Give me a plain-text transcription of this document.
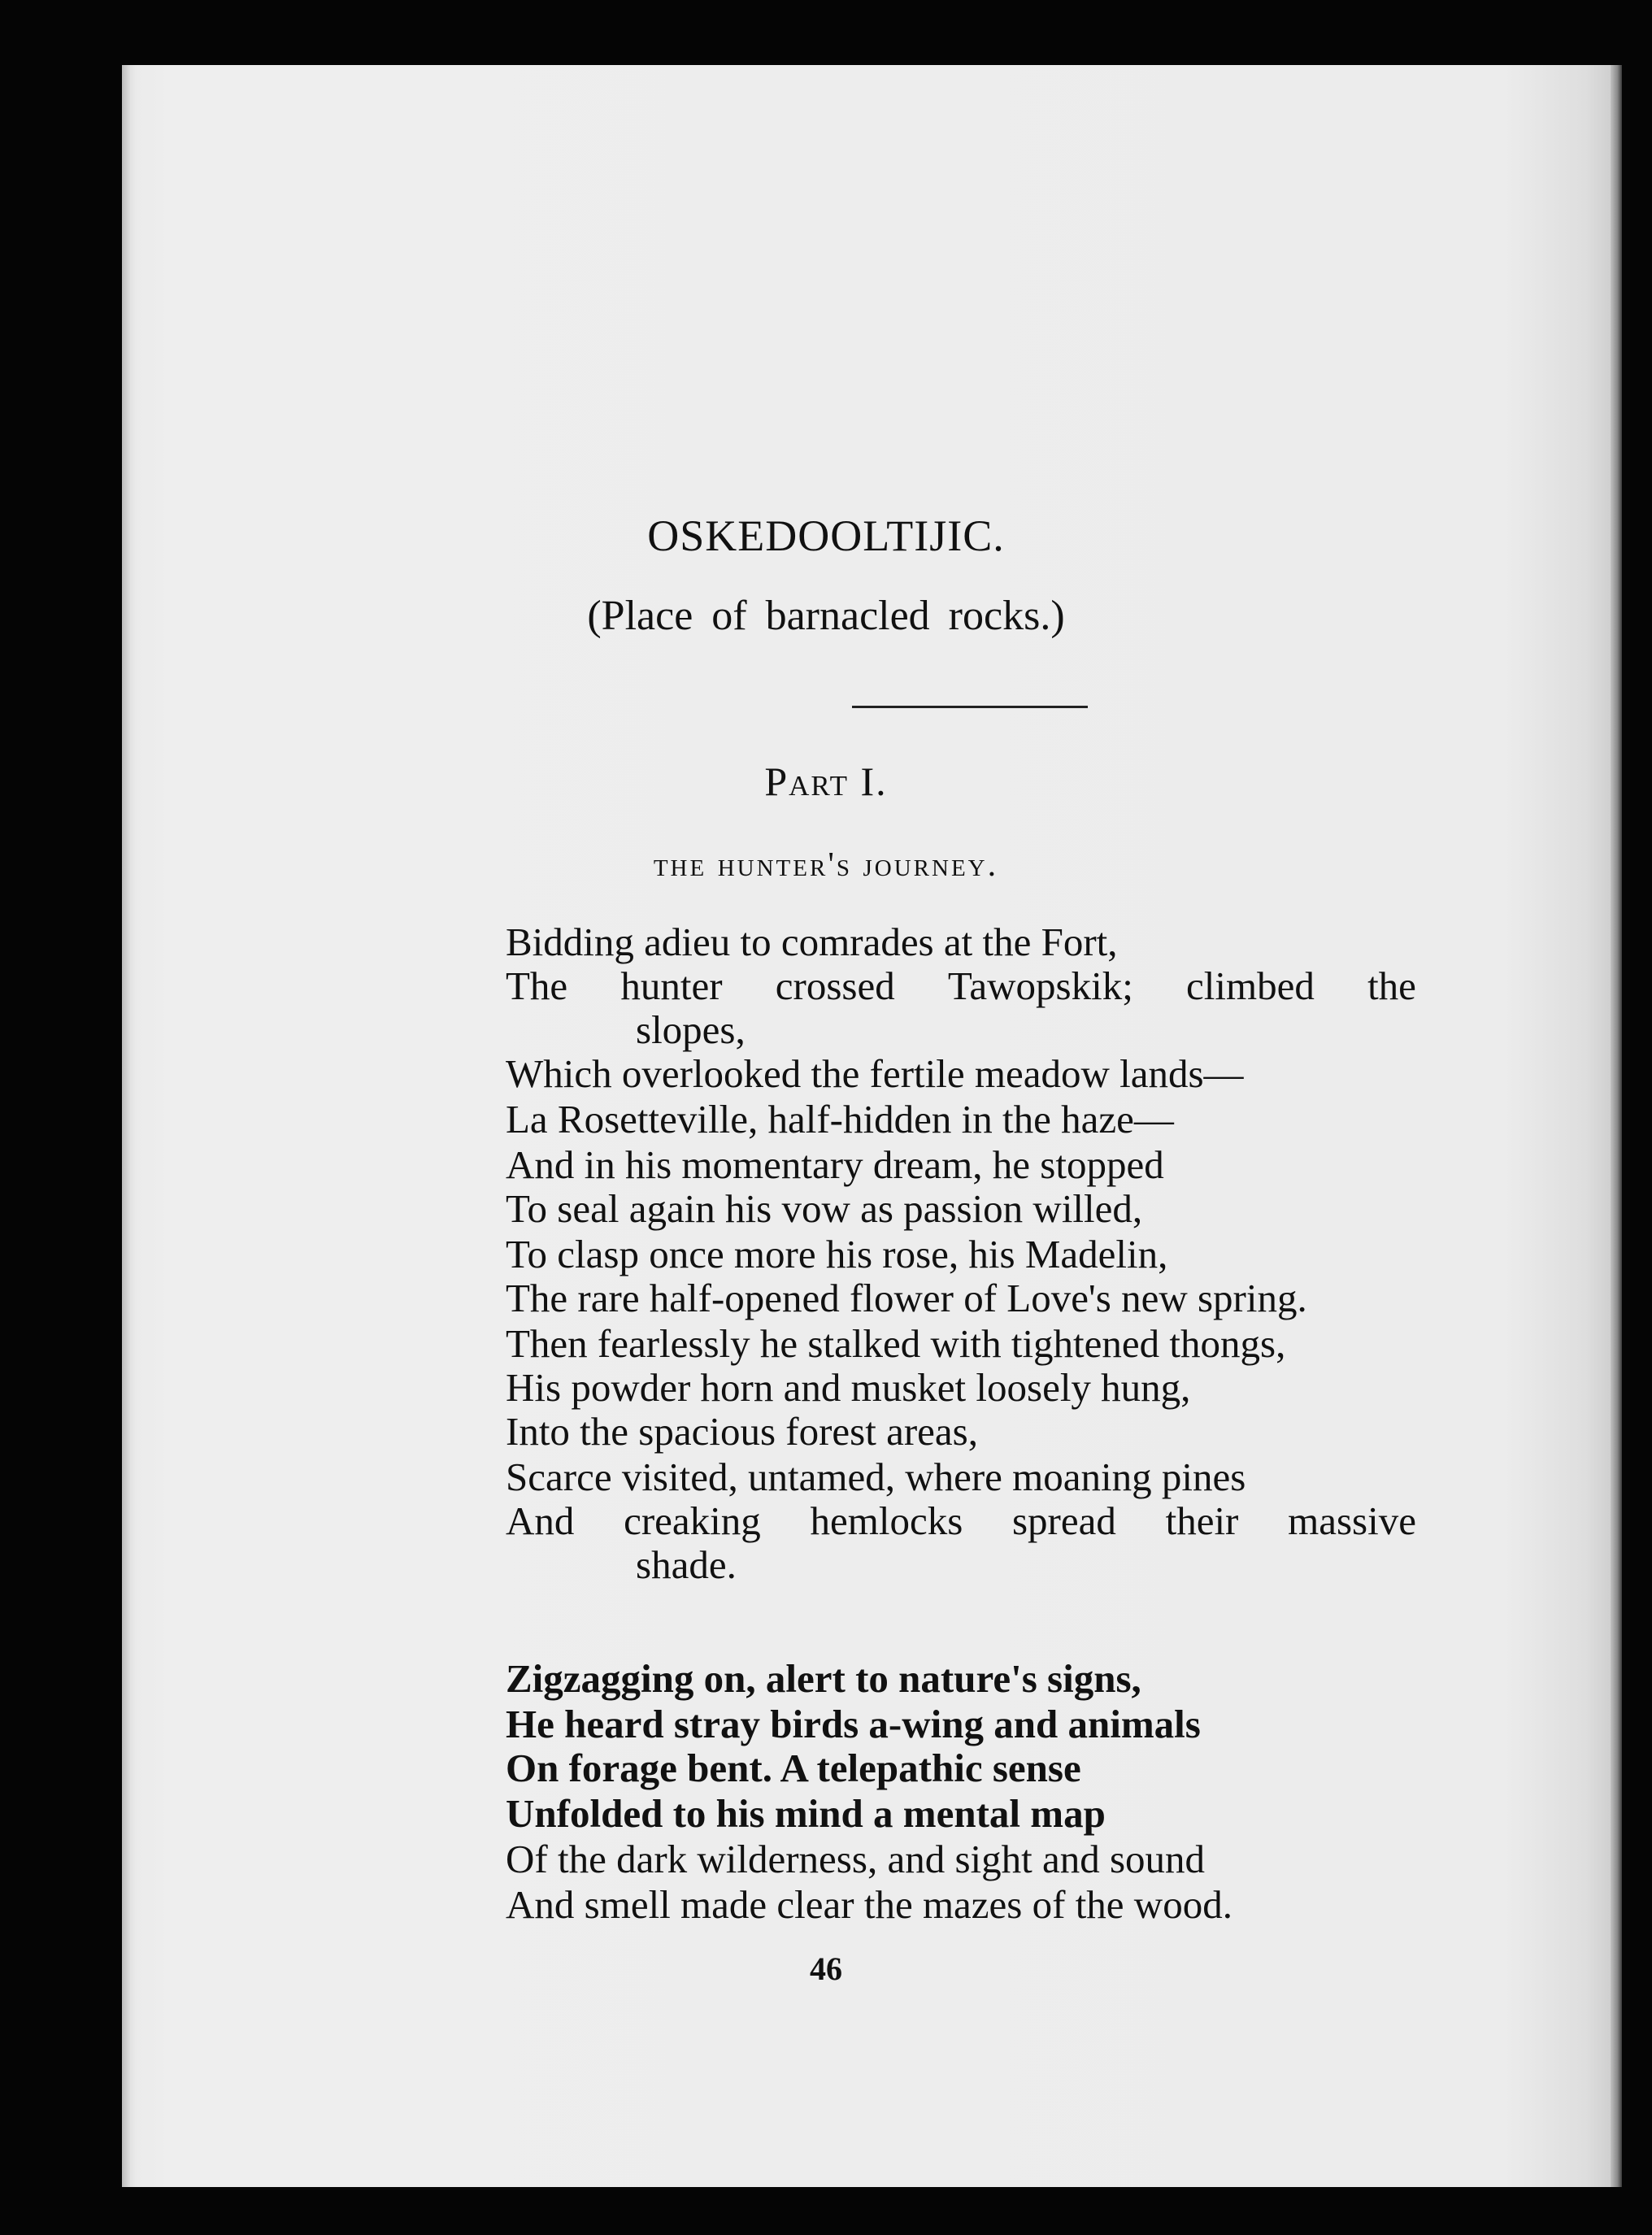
OSKEDOOLTIJIC.
(Place of barnacled rocks.)
Part I.
the hunter's journey.
Bidding adieu to comrades at the Fort,
The hunter crossed Tawopskik; climbed the
slopes,
Which overlooked the fertile meadow lands—
La Rosetteville, half-hidden in the haze—
And in his momentary dream, he stopped
To seal again his vow as passion willed,
To clasp once more his rose, his Madelin,
The rare half-opened flower of Love's new spring.
Then fearlessly he stalked with tightened thongs,
His powder horn and musket loosely hung,
Into the spacious forest areas,
Scarce visited, untamed, where moaning pines
And creaking hemlocks spread their massive
shade.
Zigzagging on, alert to nature's signs,
He heard stray birds a-wing and animals
On forage bent. A telepathic sense
Unfolded to his mind a mental map
Of the dark wilderness, and sight and sound
And smell made clear the mazes of the wood.
46
